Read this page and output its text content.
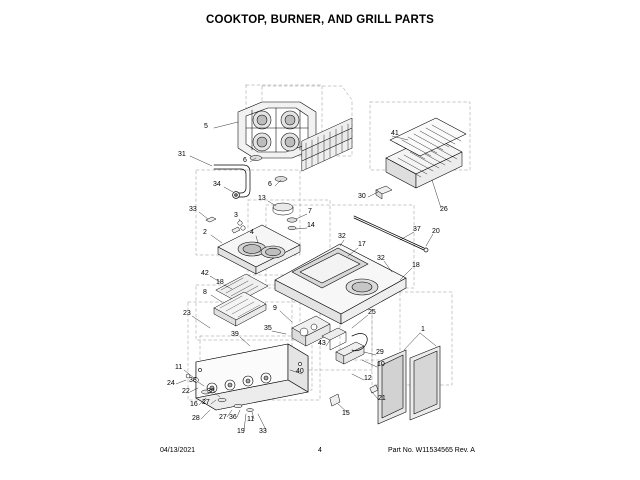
COOKTOP, BURNER, AND GRILL PARTS
5
31
6
6
34
41
30
26
13
7
14
33
3
2	4
32
37 20
17
32
18
42
18
8
9
25
23
39
35	1
29
43
40
10
11
24
22
38
38
16 27
28	27 36
19
11
33
12
21
15
04/13/2021	4	Part No. W11534565 Rev. A
